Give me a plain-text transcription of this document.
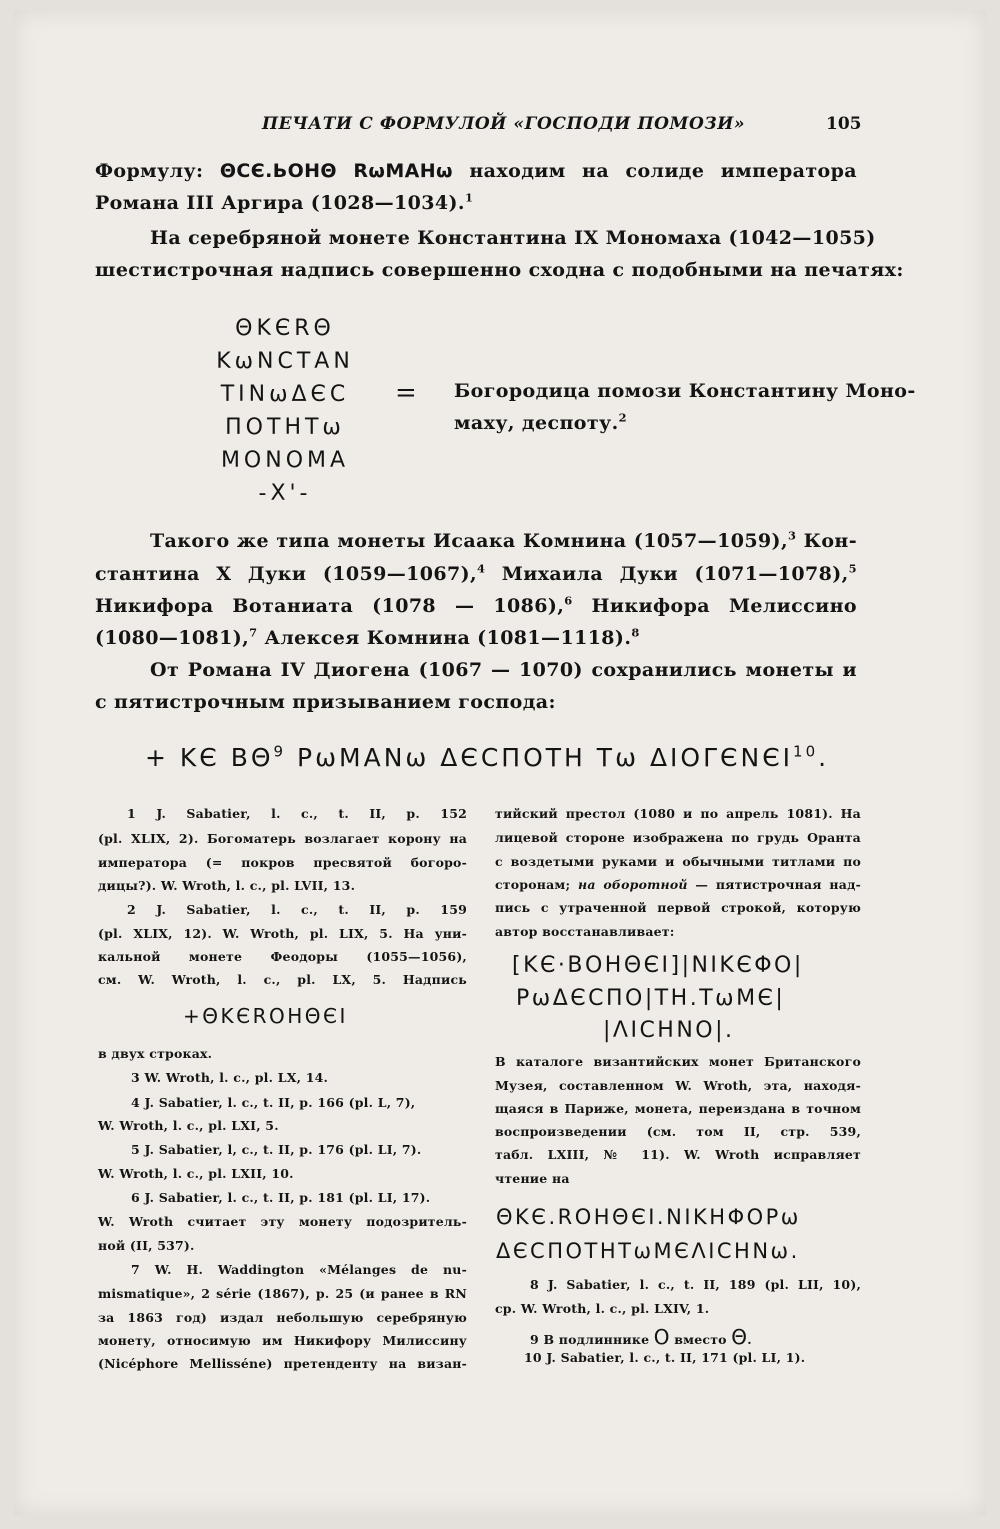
ПЕЧАТИ С ФОРМУЛОЙ «ГОСПОДИ ПОМОЗИ»	105
Формулу: ΘCЄ.ЬOHΘ RωΜΑΗω находим на солиде императора
Романа III Аргира (1028—1034).$^1$
На серебряной монете Константина IX Мономаха (1042—1055)
шестистрочная надпись совершенно сходна с подобными на печатях:
ΘΚЄRΘ
ΚωΝCΤΑΝ
ΤΙΝωΔЄC
ΠΟΤΗΤω
ΜΟΝΟΜΑ
-Χ'-
= Богородица помози Константину Моно-
маху, деспоту.$^2$
Такого же типа монеты Исаака Комнина (1057—1059),$^3$ Кон-
стантина X Дуки (1059—1067),$^4$ Михаила Дуки (1071—1078),$^5$
Никифора Вотаниата (1078 — 1086),$^6$ Никифора Мелиссино
(1080—1081),$^7$ Алексея Комнина (1081—1118).$^8$
От Романа IV Диогена (1067 — 1070) сохранились монеты и
с пятистрочным призыванием господа:
+ ΚЄ $B\Theta^9$ ΡωΜΑΝω ΔЄCΠΟΤΗ Τω ΔΙΟΓЄΝЄΙ$^{10}$.
1 J. Sabatier, l. c., t. II, p. 152
(pl. XLIX, 2). Богоматерь возлагает корону на
императора (= покров пресвятой богоро-
дицы?). W. Wroth, l. c., pl. LVII, 13.
2 J. Sabatier, l. c., t. II, p. 159
(pl. XLIX, 12). W. Wroth, pl. LIX, 5. На уни-
кальной монете Феодоры (1055—1056),
см. W. Wroth, l. c., pl. LX, 5. Надпись
+ΘΚЄRΟΗΘЄΙ
в двух строках.
3 W. Wroth, l. c., pl. LX, 14.
4 J. Sabatier, l. c., t. II, p. 166 (pl. L, 7),
W. Wroth, l. c., pl. LXI, 5.
5 J. Sabatier, l, c., t. II, p. 176 (pl. LI, 7).
W. Wroth, l. c., pl. LXII, 10.
6 J. Sabatier, l. c., t. II, p. 181 (pl. LI, 17).
W. Wroth считает эту монету подозритель-
ной (II, 537).
7 W. H. Waddington «Mélanges de nu-
mismatique», 2 série (1867), p. 25 (и ранее в RN
за 1863 год) издал небольшую серебряную
монету, относимую им Никифору Милиссину
(Nicéphore Mellisséne) претенденту на визан-
тийский престол (1080 и по апрель 1081). На
лицевой стороне изображена по грудь Оранта
с воздетыми руками и обычными титлами по
сторонам; на оборотной — пятистрочная над-
пись с утраченной первой строкой, которую
автор восстанавливает:
[ΚЄ·ΒΟΗΘЄΙ]|ΝΙΚЄΦΟ|
ΡωΔЄCΠΟ|ΤΗ.ΤωΜЄ|
|ΛΙCΗΝΟ|.
В каталоге византийских монет Британского
Музея, составленном W. Wroth, эта, находя-
щаяся в Париже, монета, переиздана в точном
воспроизведении (см. том II, стр. 539,
табл. LXIII, № 11). W. Wroth исправляет
чтение на
ΘΚЄ.ROΗΘЄΙ.ΝΙΚΗΦΟΡω
ΔЄCΠΟΤΗΤωΜЄΛΙCΗΝω.
8 J. Sabatier, l. c., t. II, 189 (pl. LII, 10),
ср. W. Wroth, l. c., pl. LXIV, 1.
9 В подлиннике Ο вместо Θ.
10 J. Sabatier, l. c., t. II, 171 (pl. LI, 1).
